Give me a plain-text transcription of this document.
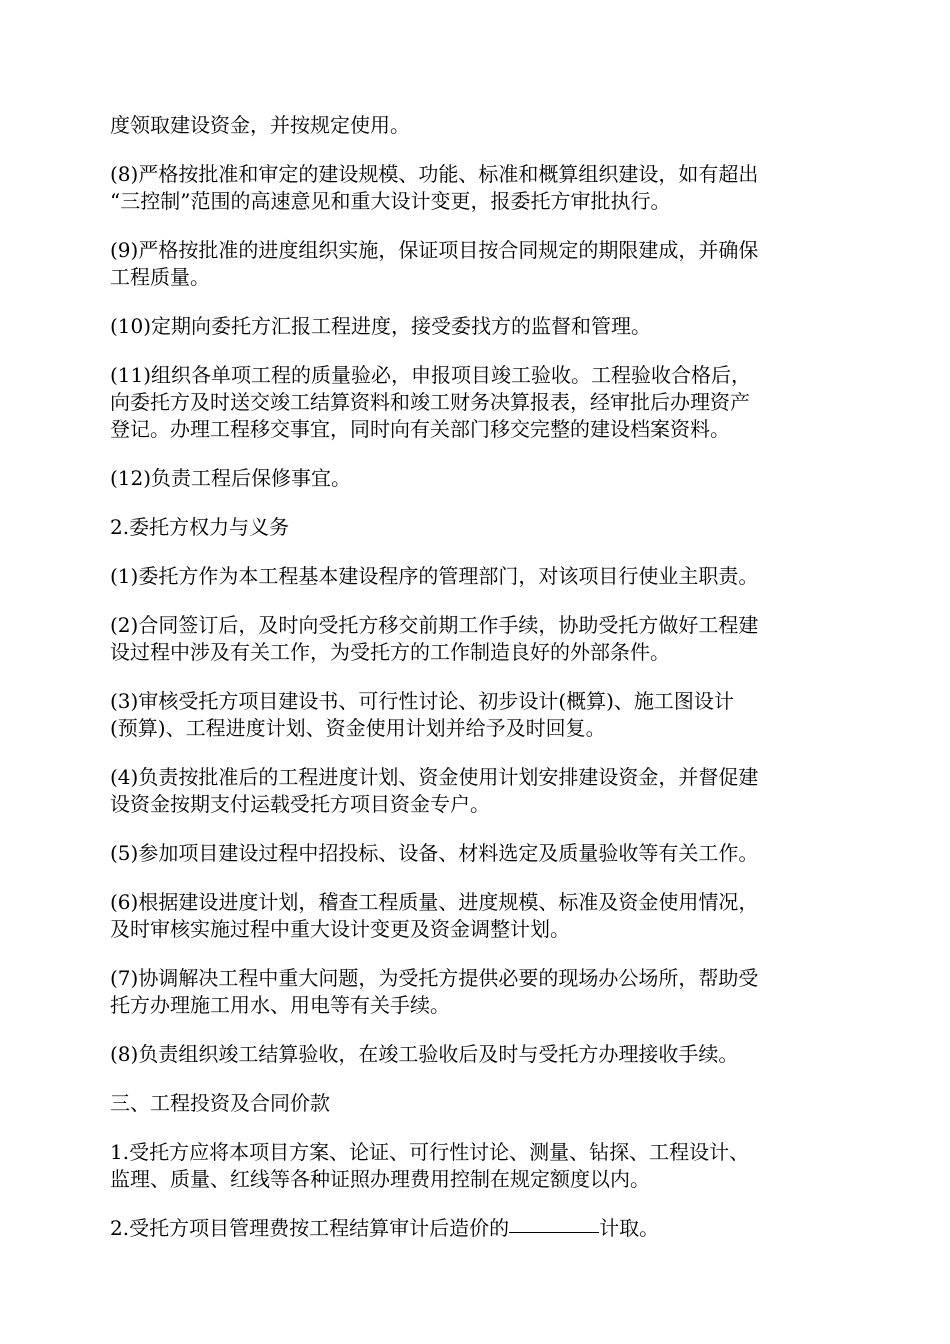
度领取建设资金，并按规定使用。

(8)严格按批准和审定的建设规模、功能、标准和概算组织建设，如有超出
“三控制”范围的高速意见和重大设计变更，报委托方审批执行。

(9)严格按批准的进度组织实施，保证项目按合同规定的期限建成，并确保
工程质量。

(10)定期向委托方汇报工程进度，接受委找方的监督和管理。

(11)组织各单项工程的质量验必，申报项目竣工验收。工程验收合格后，
向委托方及时送交竣工结算资料和竣工财务决算报表，经审批后办理资产
登记。办理工程移交事宜，同时向有关部门移交完整的建设档案资料。

(12)负责工程后保修事宜。

2.委托方权力与义务

(1)委托方作为本工程基本建设程序的管理部门，对该项目行使业主职责。

(2)合同签订后，及时向受托方移交前期工作手续，协助受托方做好工程建
设过程中涉及有关工作，为受托方的工作制造良好的外部条件。

(3)审核受托方项目建设书、可行性讨论、初步设计(概算)、施工图设计
(预算)、工程进度计划、资金使用计划并给予及时回复。

(4)负责按批准后的工程进度计划、资金使用计划安排建设资金，并督促建
设资金按期支付运载受托方项目资金专户。

(5)参加项目建设过程中招投标、设备、材料选定及质量验收等有关工作。

(6)根据建设进度计划，稽查工程质量、进度规模、标准及资金使用情况，
及时审核实施过程中重大设计变更及资金调整计划。

(7)协调解决工程中重大问题，为受托方提供必要的现场办公场所，帮助受
托方办理施工用水、用电等有关手续。

(8)负责组织竣工结算验收，在竣工验收后及时与受托方办理接收手续。

三、工程投资及合同价款

1.受托方应将本项目方案、论证、可行性讨论、测量、钻探、工程设计、
监理、质量、红线等各种证照办理费用控制在规定额度以内。

2.受托方项目管理费按工程结算审计后造价的	计取。
